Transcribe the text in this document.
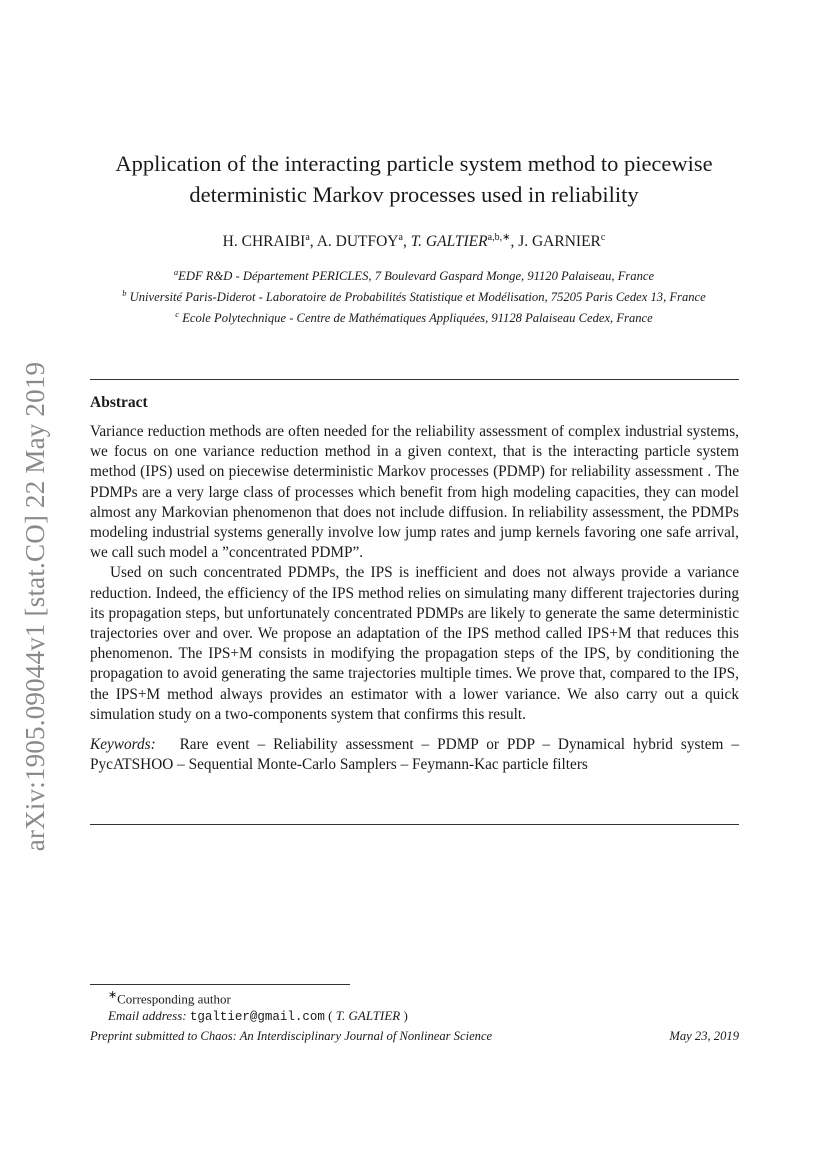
arXiv:1905.09044v1 [stat.CO] 22 May 2019
Application of the interacting particle system method to piecewise
deterministic Markov processes used in reliability
H. CHRAIBI$^a$, A. DUTFOY$^a$, T. $GALTIER^{a,b,∗}$, J. GARNIER$^c$
$^a$EDF R&D - Département PERICLES, 7 Boulevard Gaspard Monge, 91120 Palaiseau, France
$^b$ Université Paris-Diderot - Laboratoire de Probabilités Statistique et Modélisation, 75205 Paris Cedex 13, France
$^c$ Ecole Polytechnique - Centre de Mathématiques Appliquées, 91128 Palaiseau Cedex, France
Abstract

Variance reduction methods are often needed for the reliability assessment of complex industrial systems, we focus on one variance reduction method in a given context, that is the interacting particle system method (IPS) used on piecewise deterministic Markov processes (PDMP) for reliability assessment . The PDMPs are a very large class of processes which benefit from high modeling capacities, they can model almost any Markovian phenomenon that does not include diffusion. In reliability assessment, the PDMPs modeling industrial systems generally involve low jump rates and jump kernels favoring one safe arrival, we call such model a ”concentrated PDMP”.

Used on such concentrated PDMPs, the IPS is inefficient and does not always provide a variance reduction. Indeed, the efficiency of the IPS method relies on simulating many different trajectories during its propagation steps, but unfortunately concentrated PDMPs are likely to generate the same deterministic trajectories over and over. We propose an adaptation of the IPS method called IPS+M that reduces this phenomenon. The IPS+M consists in modifying the propagation steps of the IPS, by conditioning the propagation to avoid generating the same trajectories multiple times. We prove that, compared to the IPS, the IPS+M method always provides an estimator with a lower variance. We also carry out a quick simulation study on a two-components system that confirms this result.

Keywords: Rare event – Reliability assessment – PDMP or PDP – Dynamical hybrid system – PycATSHOO – Sequential Monte-Carlo Samplers – Feymann-Kac particle filters

∗Corresponding author
Email address: tgaltier@gmail.com ( T. GALTIER )
Preprint submitted to Chaos: An Interdisciplinary Journal of Nonlinear Science	May 23, 2019
